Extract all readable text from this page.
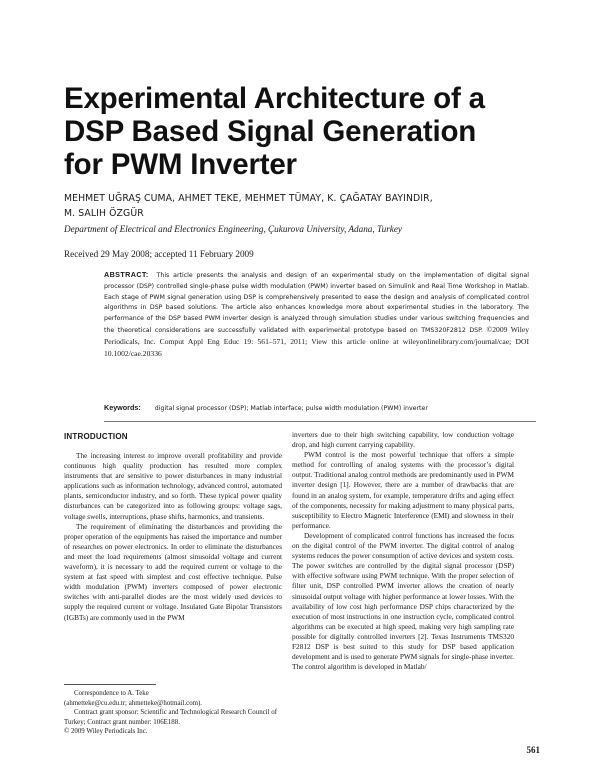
Experimental Architecture of a
DSP Based Signal Generation
for PWM Inverter
MEHMET UĞRAŞ CUMA, AHMET TEKE, MEHMET TÜMAY, K. ÇAĞATAY BAYINDIR,
M. SALIH ÖZGÜR
Department of Electrical and Electronics Engineering, Çukurova University, Adana, Turkey
Received 29 May 2008; accepted 11 February 2009
ABSTRACT: This article presents the analysis and design of an experimental study on the implementation of digital signal processor (DSP) controlled single-phase pulse width modulation (PWM) inverter based on Simulink and Real Time Workshop in Matlab. Each stage of PWM signal generation using DSP is comprehensively presented to ease the design and analysis of complicated control algorithms in DSP based solutions. The article also enhances knowledge more about experimental studies in the laboratory. The performance of the DSP based PWM inverter design is analyzed through simulation studies under various switching frequencies and the theoretical considerations are successfully validated with experimental prototype based on TMS320F2812 DSP. ©2009 Wiley Periodicals, Inc. Comput Appl Eng Educ 19: 561–571, 2011; View this article online at wileyonlinelibrary.com/journal/cae; DOI 10.1002/cae.20336
Keywords: digital signal processor (DSP); Matlab interface; pulse width modulation (PWM) inverter
INTRODUCTION

The increasing interest to improve overall profitability and provide continuous high quality production has resulted more complex instruments that are sensitive to power disturbances in many industrial applications such as information technology, advanced control, automated plants, semiconductor industry, and so forth. These typical power quality disturbances can be categorized into as following groups: voltage sags, voltage swells, interruptions, phase shifts, harmonics, and transients.

The requirement of eliminating the disturbances and providing the proper operation of the equipments has raised the importance and number of researches on power electronics. In order to eliminate the disturbances and meet the load requirements (almost sinusoidal voltage and current waveform), it is necessary to add the required current or voltage to the system at fast speed with simplest and cost effective technique. Pulse width modulation (PWM) inverters composed of power electronic switches with anti-parallel diodes are the most widely used devices to supply the required current or voltage. Insulated Gate Bipolar Transistors (IGBTs) are commonly used in the PWM

inverters due to their high switching capability, low conduction voltage drop, and high current carrying capability.

PWM control is the most powerful technique that offers a simple method for controlling of analog systems with the processor’s digital output. Traditional analog control methods are predominantly used in PWM inverter design [1]. However, there are a number of drawbacks that are found in an analog system, for example, temperature drifts and aging effect of the components, necessity for making adjustment to many physical parts, susceptibility to Electro Magnetic Interference (EMI) and slowness in their performance.

Development of complicated control functions has increased the focus on the digital control of the PWM inverter. The digital control of analog systems reduces the power consumption of active devices and system costs. The power switches are controlled by the digital signal processor (DSP) with effective software using PWM technique. With the proper selection of filter unit, DSP controlled PWM inverter allows the creation of nearly sinusoidal output voltage with higher performance at lower losses. With the availability of low cost high performance DSP chips characterized by the execution of most instructions in one instruction cycle, complicated control algorithms can be executed at high speed, making very high sampling rate possible for digitally controlled inverters [2]. Texas Instruments TMS320 F2812 DSP is best suited to this study for DSP based application development and is used to generate PWM signals for single-phase inverter. The control algorithm is developed in Matlab/

Correspondence to A. Teke
(ahmetteke@cu.edu.tr; ahmetteke@hotmail.com).
Contract grant sponsor: Scientific and Technological Research Council of Turkey; Contract grant number: 106E188.
© 2009 Wiley Periodicals Inc.
561
